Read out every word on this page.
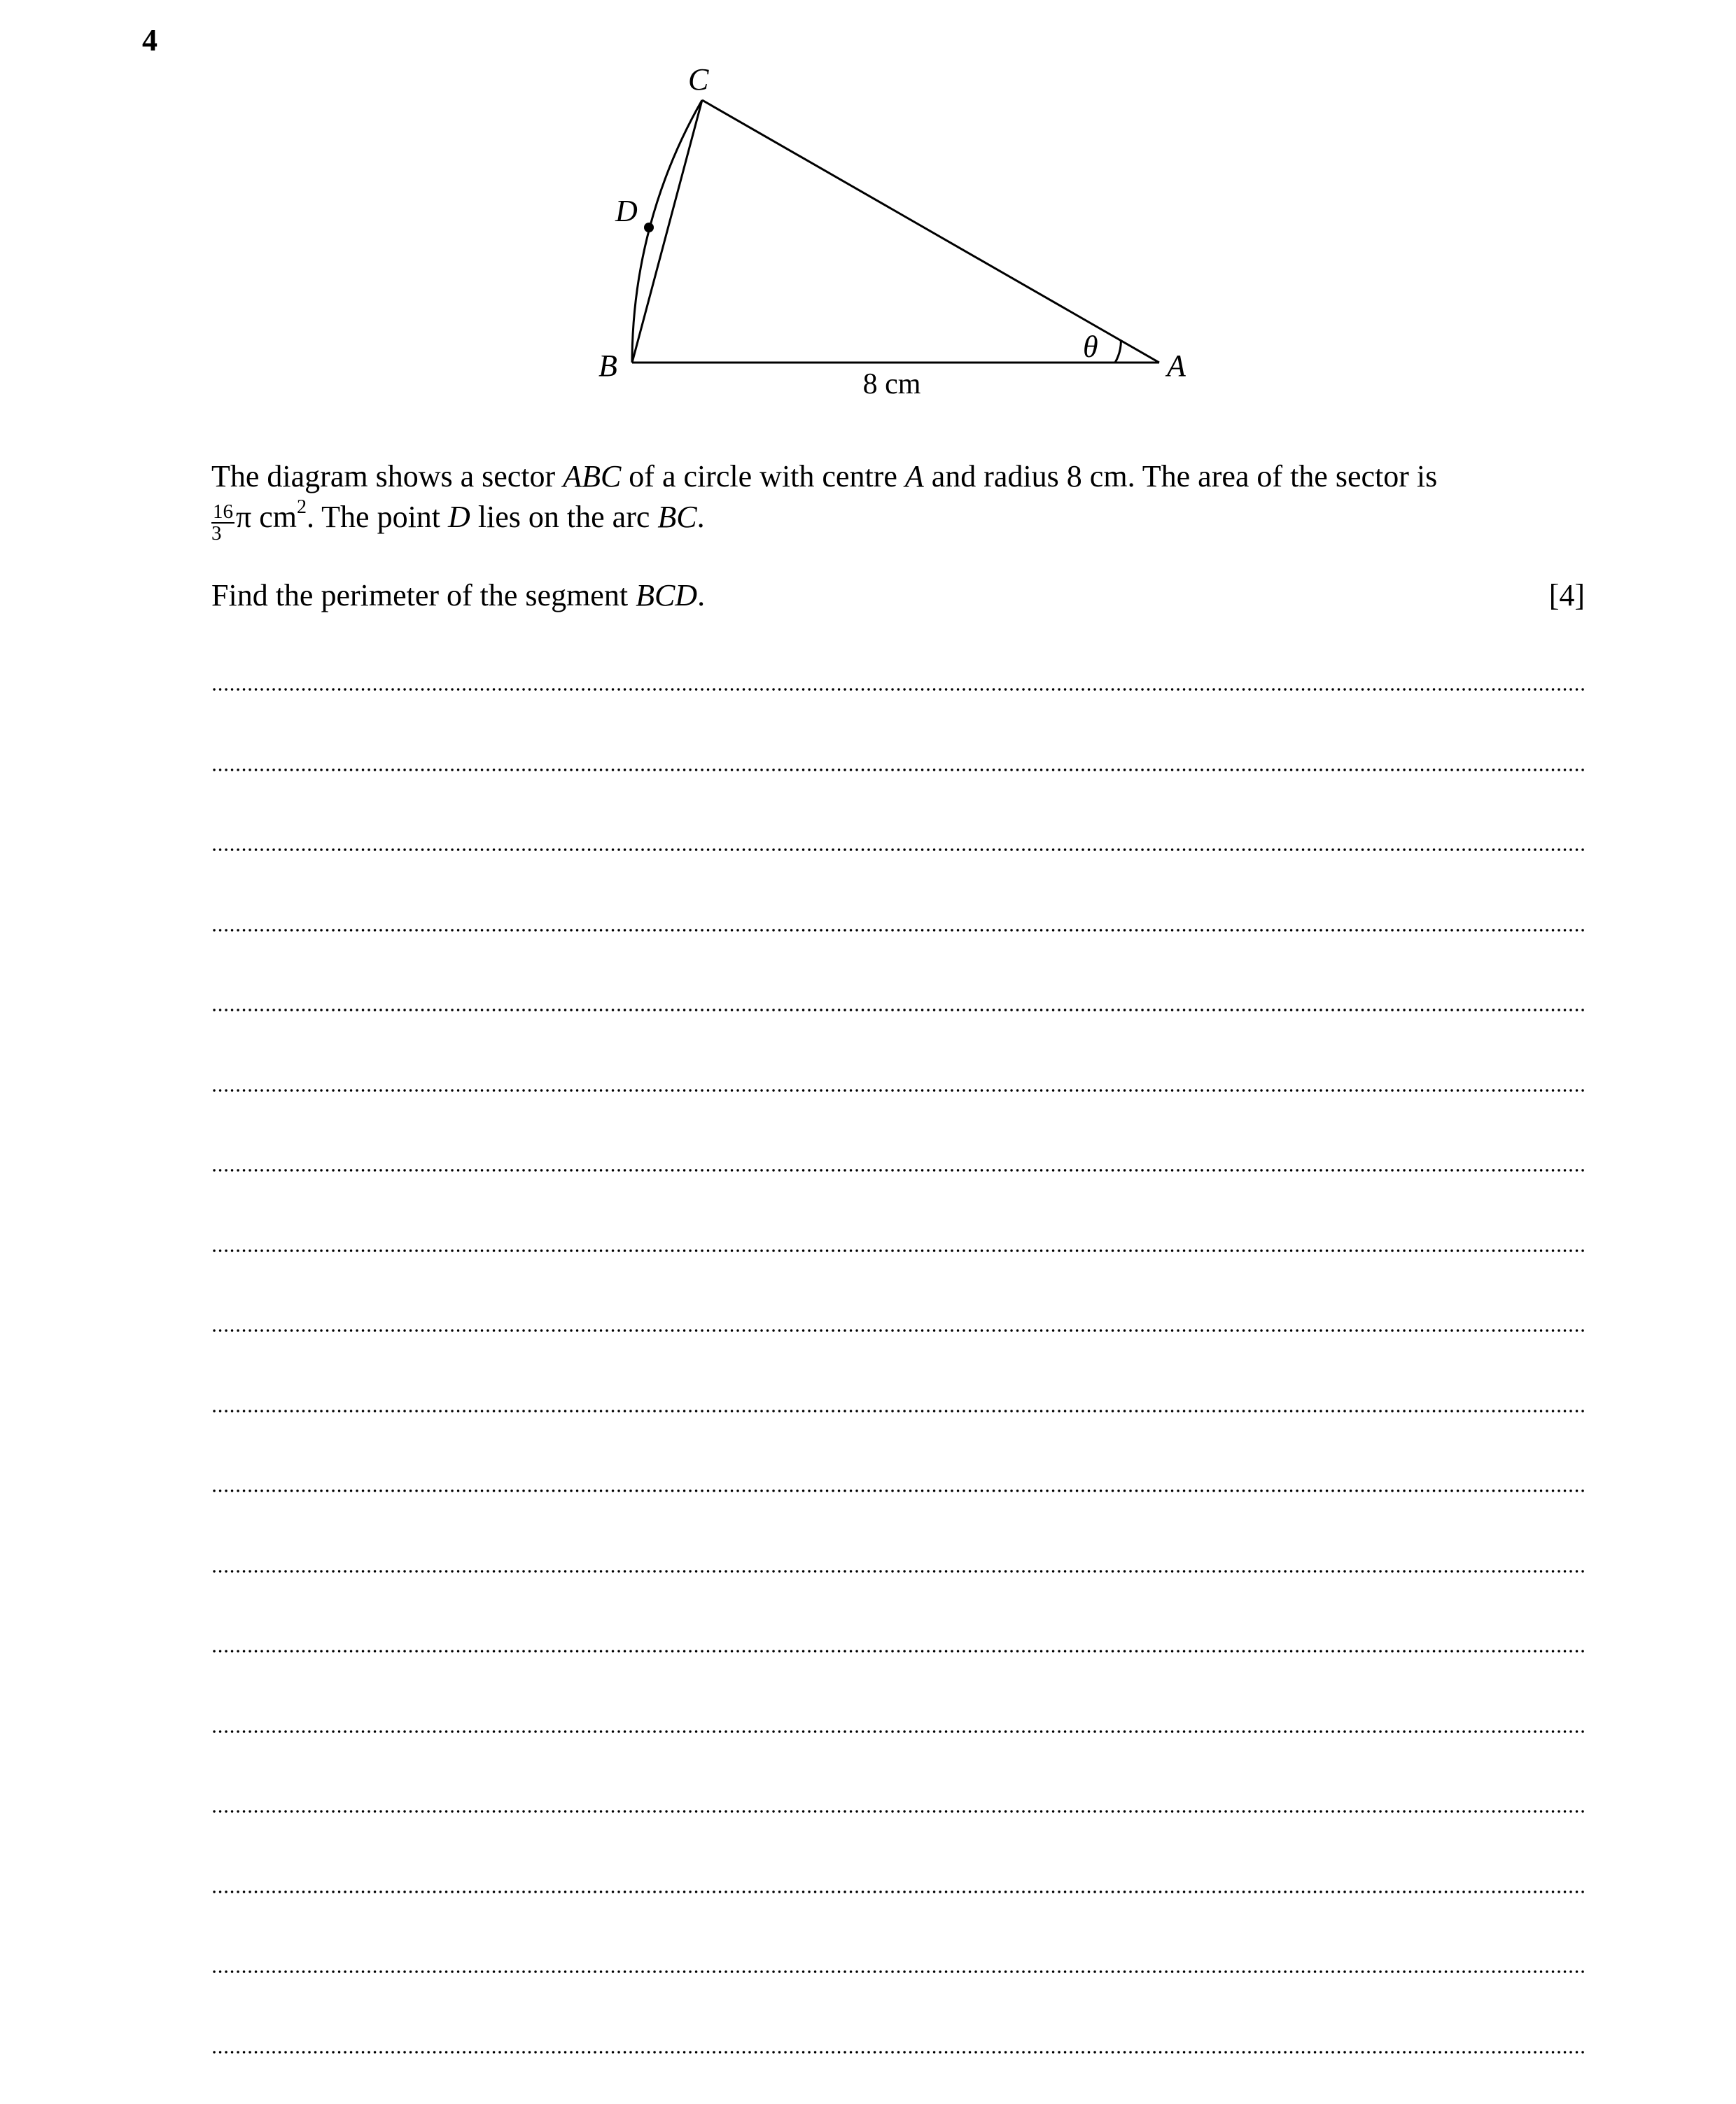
4
A
B
C
D
θ
8 cm
The diagram shows a sector ABC of a circle with centre A and radius 8 cm. The area of the sector is

$\frac{16}{3}$ π $cm^2$. The point D lies on the arc BC.
Find the perimeter of the segment BCD.	[4]
